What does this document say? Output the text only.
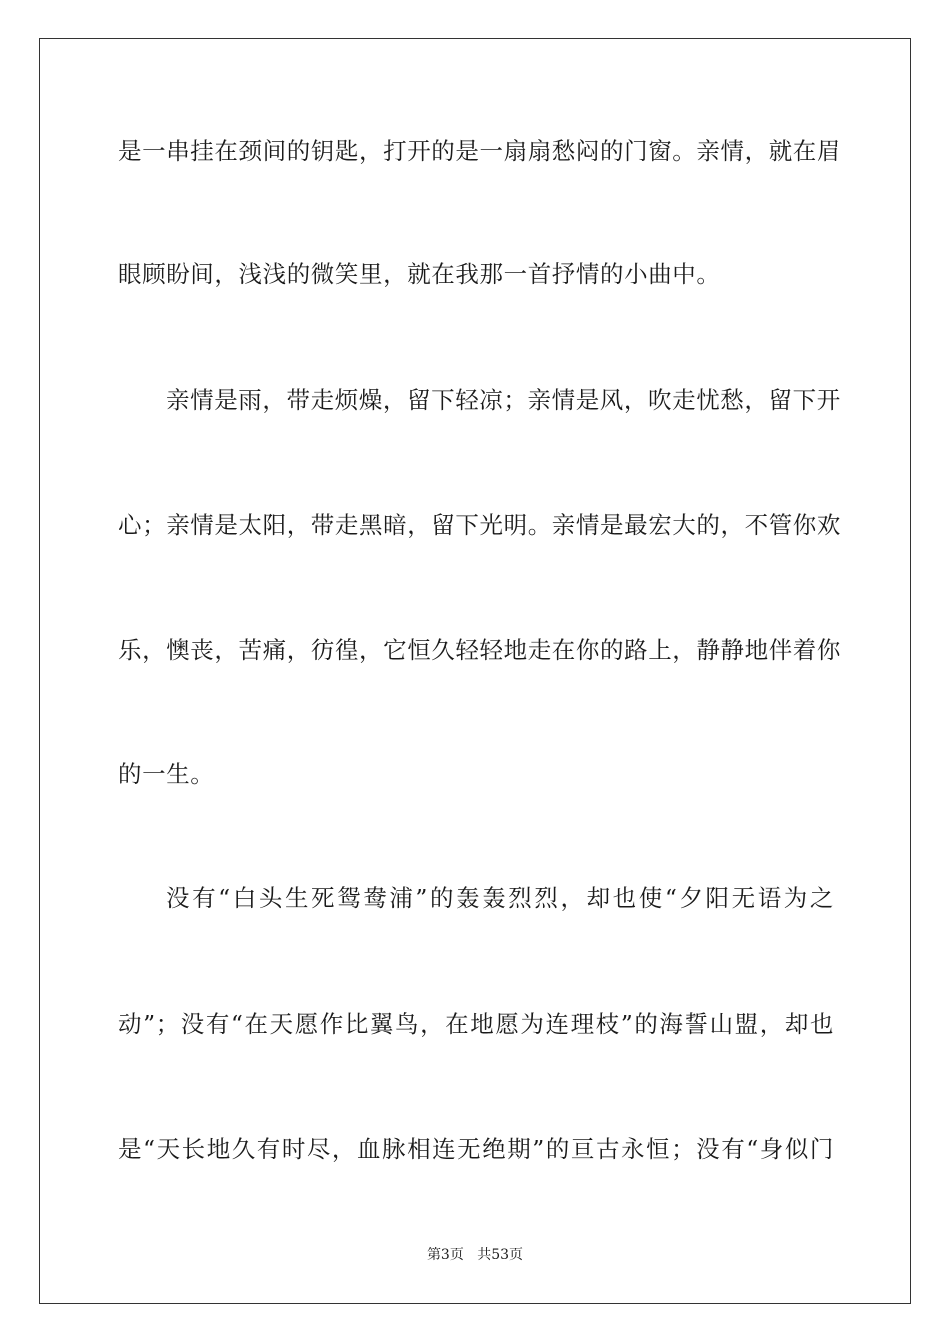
是一串挂在颈间的钥匙，打开的是一扇扇愁闷的门窗。亲情，就在眉
眼顾盼间，浅浅的微笑里，就在我那一首抒情的小曲中。
亲情是雨，带走烦燥，留下轻凉；亲情是风，吹走忧愁，留下开
心；亲情是太阳，带走黑暗，留下光明。亲情是最宏大的，不管你欢
乐，懊丧，苦痛，彷徨，它恒久轻轻地走在你的路上，静静地伴着你
的一生。
没有“白头生死鸳鸯浦”的轰轰烈烈，却也使“夕阳无语为之
动”；没有“在天愿作比翼鸟，在地愿为连理枝”的海誓山盟，却也
是“天长地久有时尽，血脉相连无绝期”的亘古永恒；没有“身似门
第3页 共53页
